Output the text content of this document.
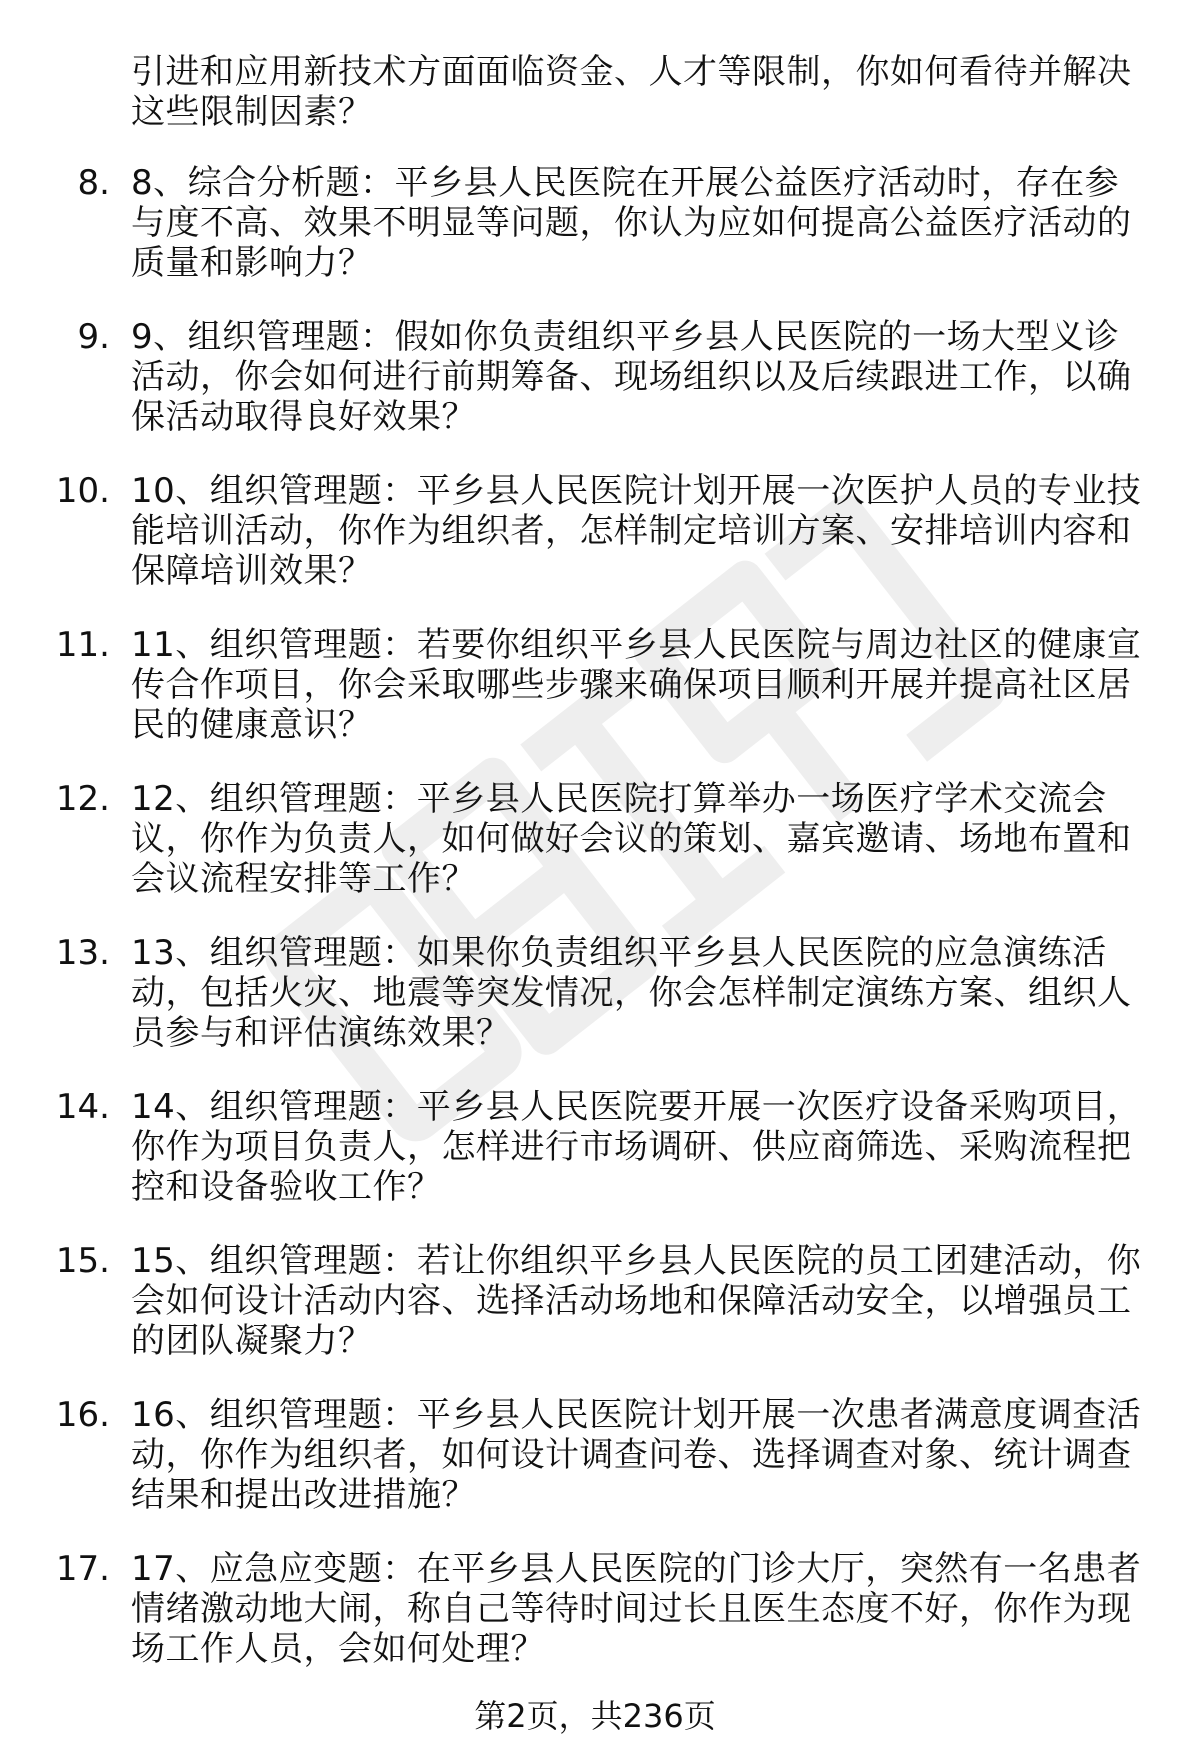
引进和应用新技术方面面临资金、人才等限制，你如何看待并解决这些限制因素？
8. 8、综合分析题：平乡县人民医院在开展公益医疗活动时，存在参与度不高、效果不明显等问题，你认为应如何提高公益医疗活动的质量和影响力？
9. 9、组织管理题：假如你负责组织平乡县人民医院的一场大型义诊活动，你会如何进行前期筹备、现场组织以及后续跟进工作，以确保活动取得良好效果？
10. 10、组织管理题：平乡县人民医院计划开展一次医护人员的专业技能培训活动，你作为组织者，怎样制定培训方案、安排培训内容和保障培训效果？
11. 11、组织管理题：若要你组织平乡县人民医院与周边社区的健康宣传合作项目，你会采取哪些步骤来确保项目顺利开展并提高社区居民的健康意识？
12. 12、组织管理题：平乡县人民医院打算举办一场医疗学术交流会议，你作为负责人，如何做好会议的策划、嘉宾邀请、场地布置和会议流程安排等工作？
13. 13、组织管理题：如果你负责组织平乡县人民医院的应急演练活动，包括火灾、地震等突发情况，你会怎样制定演练方案、组织人员参与和评估演练效果？
14. 14、组织管理题：平乡县人民医院要开展一次医疗设备采购项目，你作为项目负责人，怎样进行市场调研、供应商筛选、采购流程把控和设备验收工作？
15. 15、组织管理题：若让你组织平乡县人民医院的员工团建活动，你会如何设计活动内容、选择活动场地和保障活动安全，以增强员工的团队凝聚力？
16. 16、组织管理题：平乡县人民医院计划开展一次患者满意度调查活动，你作为组织者，如何设计调查问卷、选择调查对象、统计调查结果和提出改进措施？
17. 17、应急应变题：在平乡县人民医院的门诊大厅，突然有一名患者情绪激动地大闹，称自己等待时间过长且医生态度不好，你作为现场工作人员，会如何处理？
第2页，共236页
